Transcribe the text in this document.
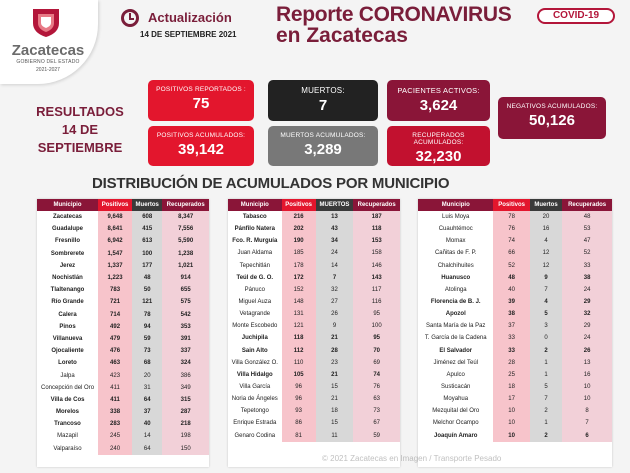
Zacatecas
GOBIERNO DEL ESTADO
2021-2027
Actualización
14 DE SEPTIEMBRE 2021
Reporte CORONAVIRUS
en Zacatecas
COVID-19
RESULTADOS
14 DE
SEPTIEMBRE
POSITIVOS REPORTADOS :
75
MUERTOS:
7
PACIENTES ACTIVOS:
3,624
POSITIVOS ACUMULADOS:
39,142
MUERTOS ACUMULADOS:
3,289
RECUPERADOS ACUMULADOS:
32,230
NEGATIVOS ACUMULADOS:
50,126
DISTRIBUCIÓN DE ACUMULADOS POR MUNICIPIO
Municipio	Positivos	Muertos	Recuperados
Zacatecas	9,648	608	8,347
Guadalupe	8,641	415	7,556
Fresnillo	6,942	613	5,590
Sombrerete	1,547	100	1,238
Jerez	1,337	177	1,021
Nochistlán	1,223	48	914
Tlaltenango	783	50	655
Río Grande	721	121	575
Calera	714	78	542
Pinos	492	94	353
Villanueva	479	59	391
Ojocaliente	476	73	337
Loreto	463	68	324
Jalpa	423	20	386
Concepción del Oro	411	31	349
Villa de Cos	411	64	315
Morelos	338	37	287
Trancoso	283	40	218
Mazapil	245	14	198
Valparaíso	240	64	150
Municipio	Positivos	MUERTOS	Recuperados
Tabasco	216	13	187
Pánfilo Natera	202	43	118
Fco. R. Murguía	190	34	153
Juan Aldama	185	24	158
Tepechitlán	178	14	146
Teúl de G. O.	172	7	143
Pánuco	152	32	117
Miguel Auza	148	27	116
Vetagrande	131	26	95
Monte Escobedo	121	9	100
Juchipila	118	21	95
Sain Alto	112	28	70
Villa González O.	110	23	69
Villa Hidalgo	105	21	74
Villa García	96	15	76
Noria de Ángeles	96	21	63
Tepetongo	93	18	73
Enrique Estrada	86	15	67
Genaro Codina	81	11	59
Municipio	Positivos	Muertos	Recuperados
Luis Moya	78	20	48
Cuauhtémoc	76	16	53
Momax	74	4	47
Cañitas de F. P.	66	12	52
Chalchihuites	52	12	33
Huanusco	48	9	38
Atolinga	40	7	24
Florencia de B. J.	39	4	29
Apozol	38	5	32
Santa María de la Paz	37	3	29
T. García de la Cadena	33	0	24
El Salvador	33	2	26
Jiménez del Teúl	28	1	13
Apulco	25	1	16
Susticacán	18	5	10
Moyahua	17	7	10
Mezquital del Oro	10	2	8
Melchor Ocampo	10	1	7
Joaquín Amaro	10	2	6
© 2021 Zacatecas en Imagen / Transporte Pesado
